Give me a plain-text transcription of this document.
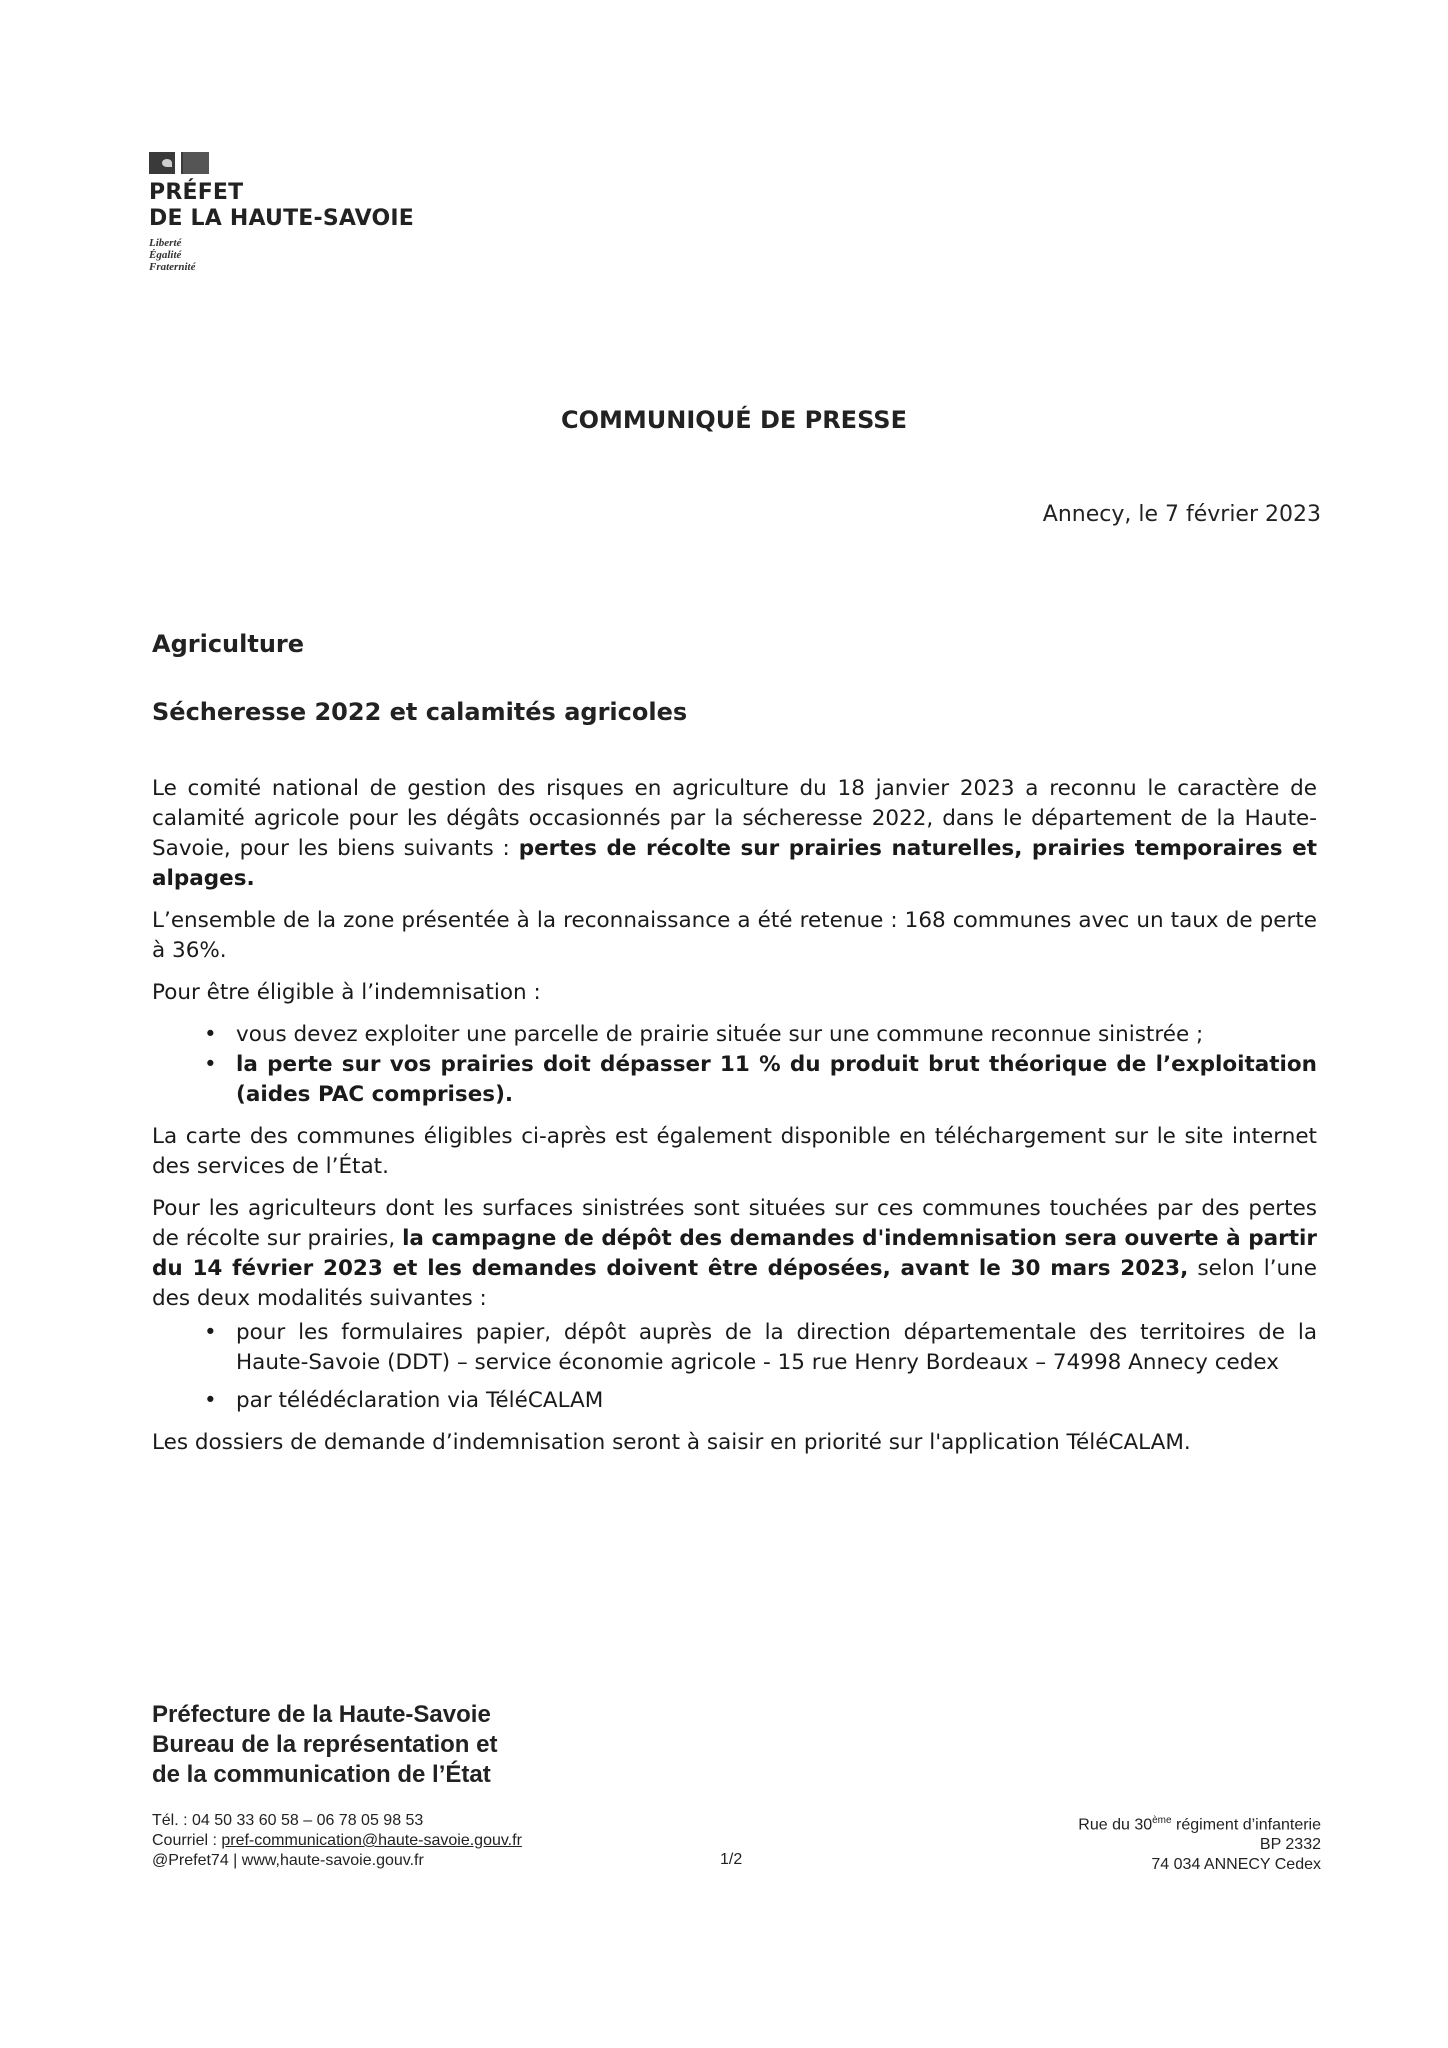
PRÉFET
DE LA HAUTE-SAVOIE
Liberté
Égalité
Fraternité
COMMUNIQUÉ DE PRESSE
Annecy, le 7 février 2023
Agriculture
Sécheresse 2022 et calamités agricoles

Le comité national de gestion des risques en agriculture du 18 janvier 2023 a reconnu le caractère de calamité agricole pour les dégâts occasionnés par la sécheresse 2022, dans le département de la Haute-Savoie, pour les biens suivants : pertes de récolte sur prairies naturelles, prairies temporaires et alpages.

L’ensemble de la zone présentée à la reconnaissance a été retenue : 168 communes avec un taux de perte à 36%.

Pour être éligible à l’indemnisation :

• vous devez exploiter une parcelle de prairie située sur une commune reconnue sinistrée ;
• la perte sur vos prairies doit dépasser 11 % du produit brut théorique de l’exploitation (aides PAC comprises).

La carte des communes éligibles ci-après est également disponible en téléchargement sur le site internet des services de l’État.

Pour les agriculteurs dont les surfaces sinistrées sont situées sur ces communes touchées par des pertes de récolte sur prairies, la campagne de dépôt des demandes d'indemnisation sera ouverte à partir du 14 février 2023 et les demandes doivent être déposées, avant le 30 mars 2023, selon l’une des deux modalités suivantes :

• pour les formulaires papier, dépôt auprès de la direction départementale des territoires de la Haute-Savoie (DDT) – service économie agricole - 15 rue Henry Bordeaux – 74998 Annecy cedex
• par télédéclaration via TéléCALAM

Les dossiers de demande d’indemnisation seront à saisir en priorité sur l'application TéléCALAM.

Préfecture de la Haute-Savoie
Bureau de la représentation et
de la communication de l’État
Tél. : 04 50 33 60 58 – 06 78 05 98 53
Courriel : pref-communication@haute-savoie.gouv.fr
@Prefet74 | www,haute-savoie.gouv.fr	1/2
Rue du 30ème régiment d’infanterie
BP 2332
74 034 ANNECY Cedex
